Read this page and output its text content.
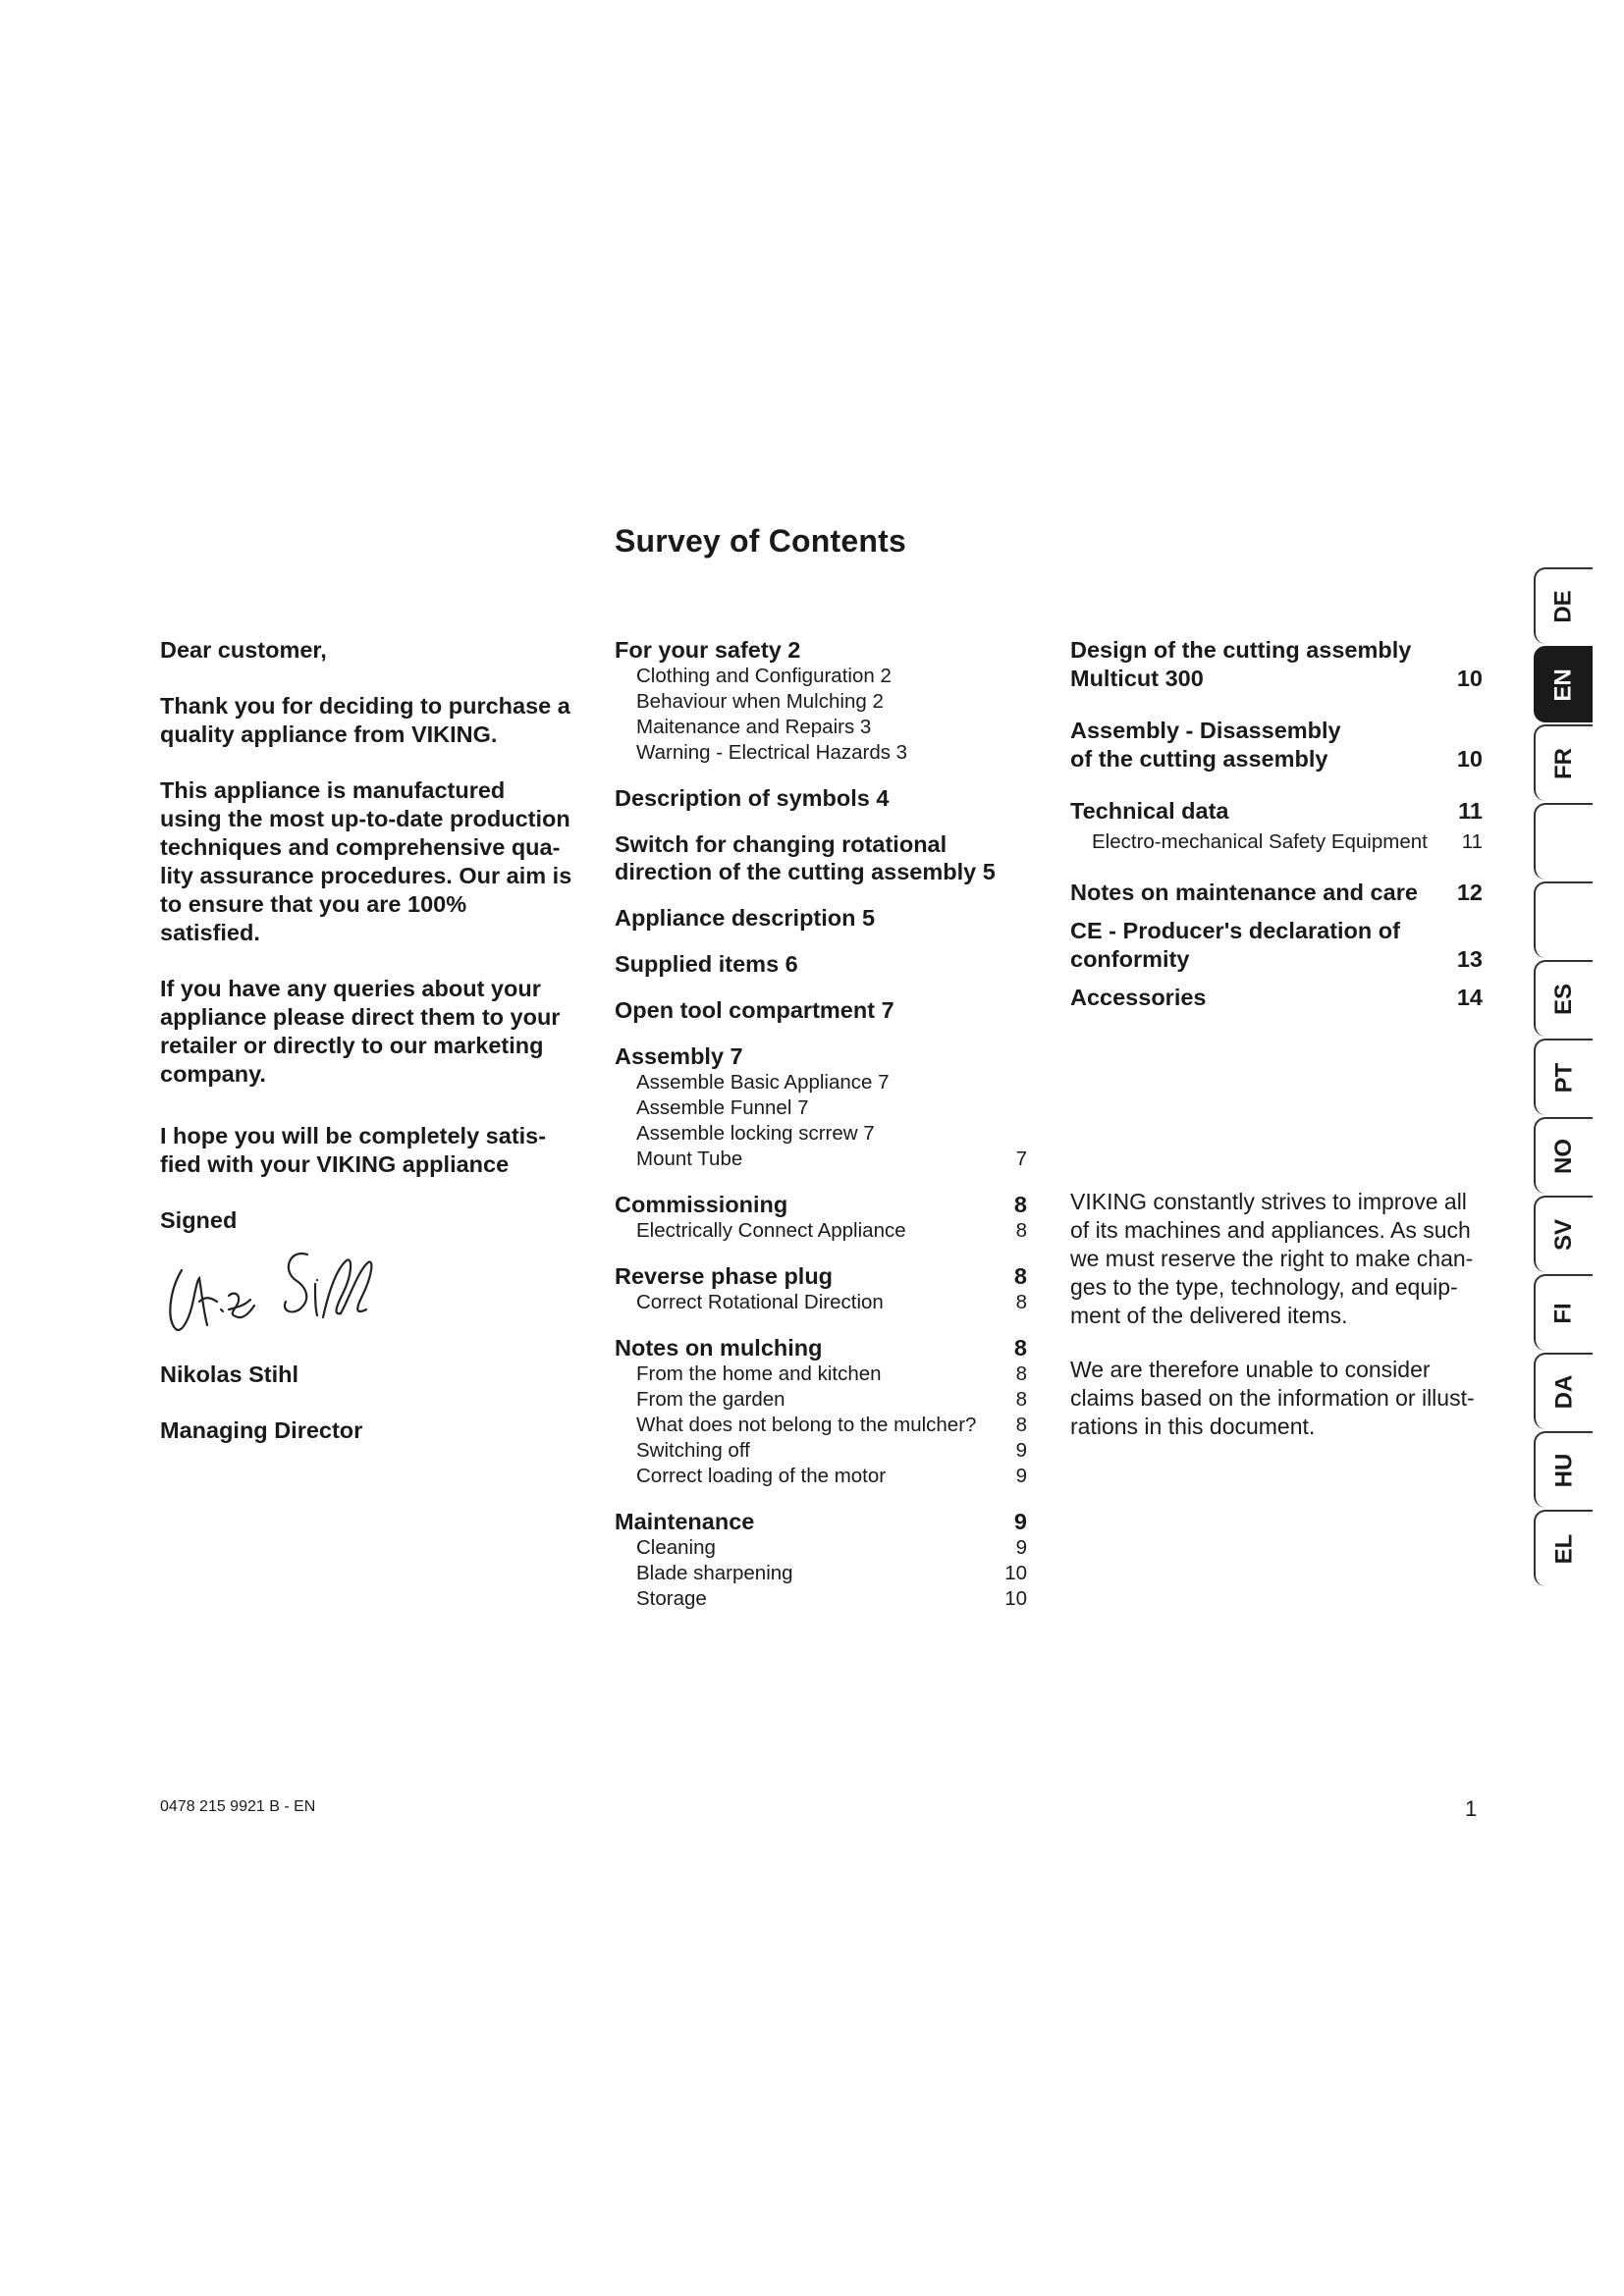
Survey of Contents

Dear customer,

Thank you for deciding to purchase a quality appliance from VIKING.

This appliance is manufactured using the most up-to-date production techniques and comprehensive qua-lity assurance procedures. Our aim is to ensure that you are 100% satisfied.

If you have any queries about your appliance please direct them to your retailer or directly to our marketing company.

I hope you will be completely satis-fied with your VIKING appliance

Signed

Nikolas Stihl

Managing Director

For your safety 2
Clothing and Configuration 2
Behaviour when Mulching 2
Maitenance and Repairs 3
Warning - Electrical Hazards 3
Description of symbols 4
Switch for changing rotational direction of the cutting assembly 5
Appliance description 5
Supplied items 6
Open tool compartment 7
Assembly 7
Assemble Basic Appliance 7
Assemble Funnel 7
Assemble locking scrrew 7
Mount Tube	7
Commissioning	8
Electrically Connect Appliance	8
Reverse phase plug	8
Correct Rotational Direction	8
Notes on mulching	8
From the home and kitchen	8
From the garden	8
What does not belong to the mulcher?	8
Switching off	9
Correct loading of the motor	9
Maintenance	9
Cleaning	9
Blade sharpening	10
Storage	10
Design of the cutting assembly
Multicut 300	10
Assembly - Disassembly
of the cutting assembly	10
Technical data	11
Electro-mechanical Safety Equipment 11
Notes on maintenance and care 12
CE - Producer's declaration of
conformity	13
Accessories	14

VIKING constantly strives to improve all of its machines and appliances. As such we must reserve the right to make chan-ges to the type, technology, and equip-ment of the delivered items.

We are therefore unable to consider claims based on the information or illust-rations in this document.

0478 215 9921 B - EN	1
DE
EN
FR
ES
PT
NO
SV
FI
DA
HU
EL
